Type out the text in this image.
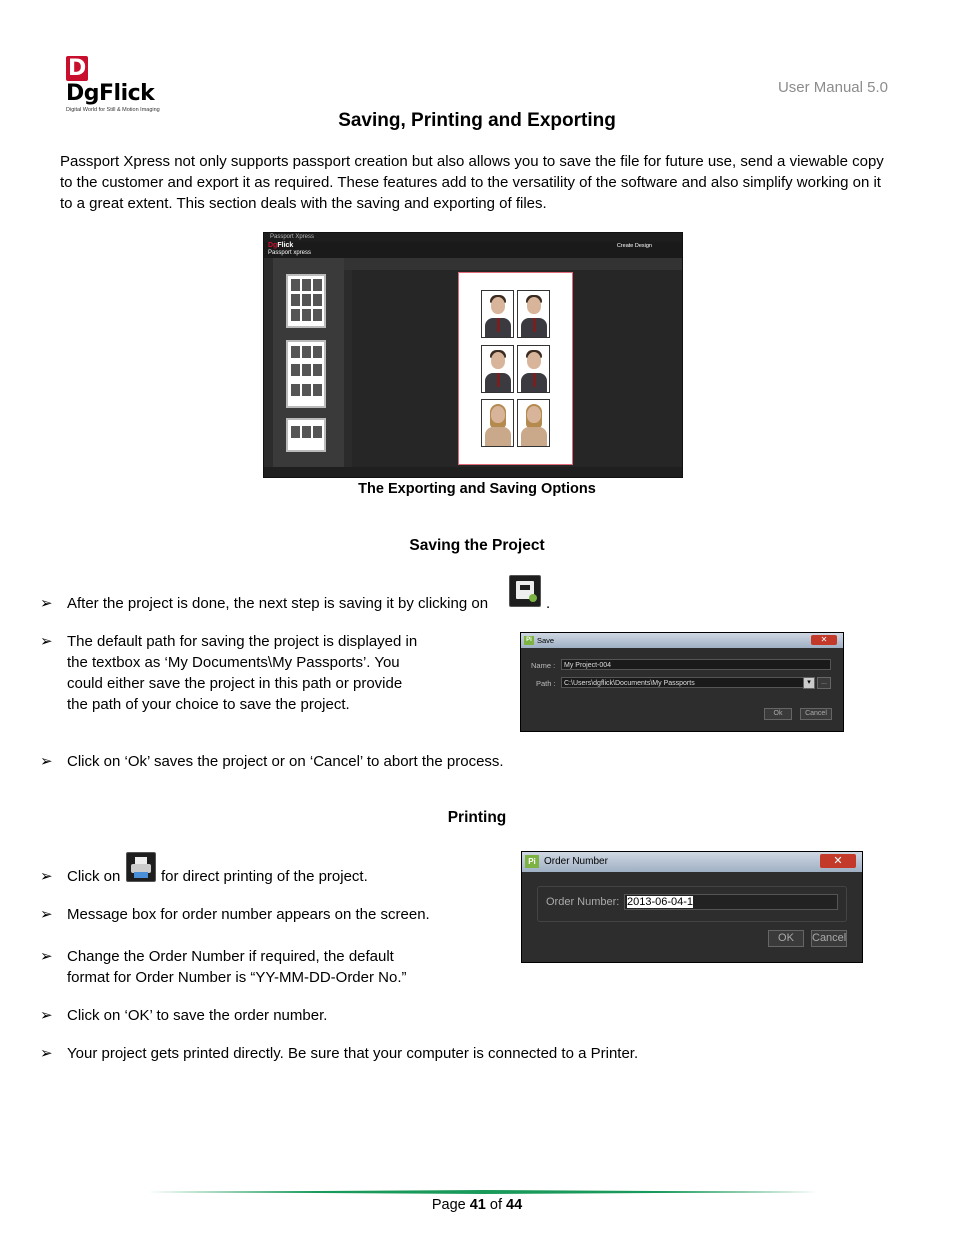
DDgFlick
Digital World for Still & Motion Imaging
User Manual 5.0
Saving, Printing and Exporting
Passport Xpress not only supports passport creation but also allows you to save the file for future use, send a viewable copy to the customer and export it as required. These features add to the versatility of the software and also simplify working on it to a great extent. This section deals with the saving and exporting of files.
Passport Xpress
DgFlick
Passport xpress
Create Design
The Exporting and Saving Options
Saving the Project
➢ After the project is done, the next step is saving it by clicking on	.
➢ The default path for saving the project is displayed in
the textbox as ‘My Documents\My Passports’. You
could either save the project in this path or provide
the path of your choice to save the project.
Pi Save	✕
Name :	My Project-004
Path :	C:\Users\dgflick\Documents\My Passports	▾	...
Ok	Cancel
➢ Click on ‘Ok’ saves the project or on ‘Cancel’ to abort the process.
Printing
➢ Click on	for direct printing of the project.
➢ Message box for order number appears on the screen.
➢ Change the Order Number if required, the default
format for Order Number is “YY-MM-DD-Order No.”
Pi Order Number	✕
Order Number: 2013-06-04-1
OK	Cancel
➢ Click on ‘OK’ to save the order number.
➢ Your project gets printed directly. Be sure that your computer is connected to a Printer.
Page 41 of 44
